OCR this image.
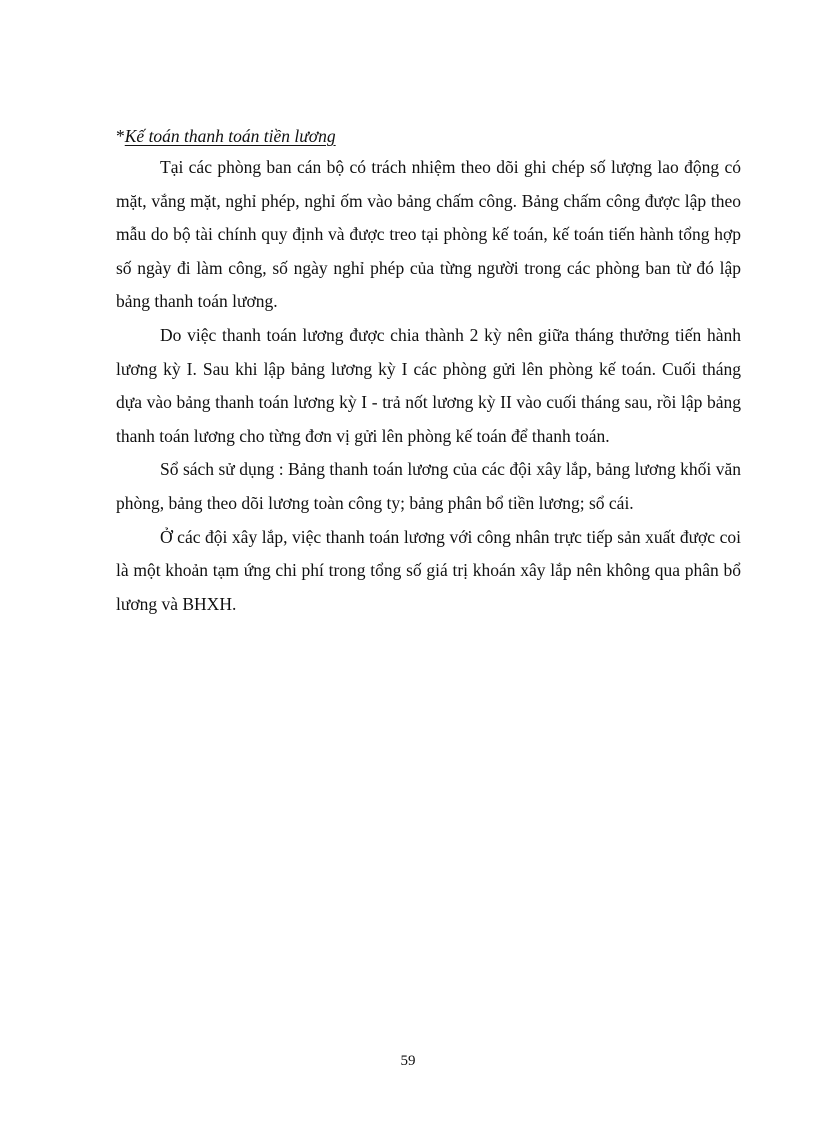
*Kế toán thanh toán tiền lương

Tại các phòng ban cán bộ có trách nhiệm theo dõi ghi chép số lượng lao động có mặt, vắng mặt, nghỉ phép, nghỉ ốm vào bảng chấm công. Bảng chấm công được lập theo mẫu do bộ tài chính quy định và được treo tại phòng kế toán, kế toán tiến hành tổng hợp số ngày đi làm công, số ngày nghỉ phép của từng người trong các phòng ban từ đó lập bảng thanh toán lương.

Do việc thanh toán lương được chia thành 2 kỳ nên giữa tháng thưởng tiến hành lương kỳ I. Sau khi lập bảng lương kỳ I các phòng gửi lên phòng kế toán. Cuối tháng dựa vào bảng thanh toán lương kỳ I - trả nốt lương kỳ II vào cuối tháng sau, rồi lập bảng thanh toán lương cho từng đơn vị gửi lên phòng kế toán để thanh toán.

Sổ sách sử dụng : Bảng thanh toán lương của các đội xây lắp, bảng lương khối văn phòng, bảng theo dõi lương toàn công ty; bảng phân bổ tiền lương; sổ cái.

Ở các đội xây lắp, việc thanh toán lương với công nhân trực tiếp sản xuất được coi là một khoản tạm ứng chi phí trong tổng số giá trị khoán xây lắp nên không qua phân bổ lương và BHXH.

59
